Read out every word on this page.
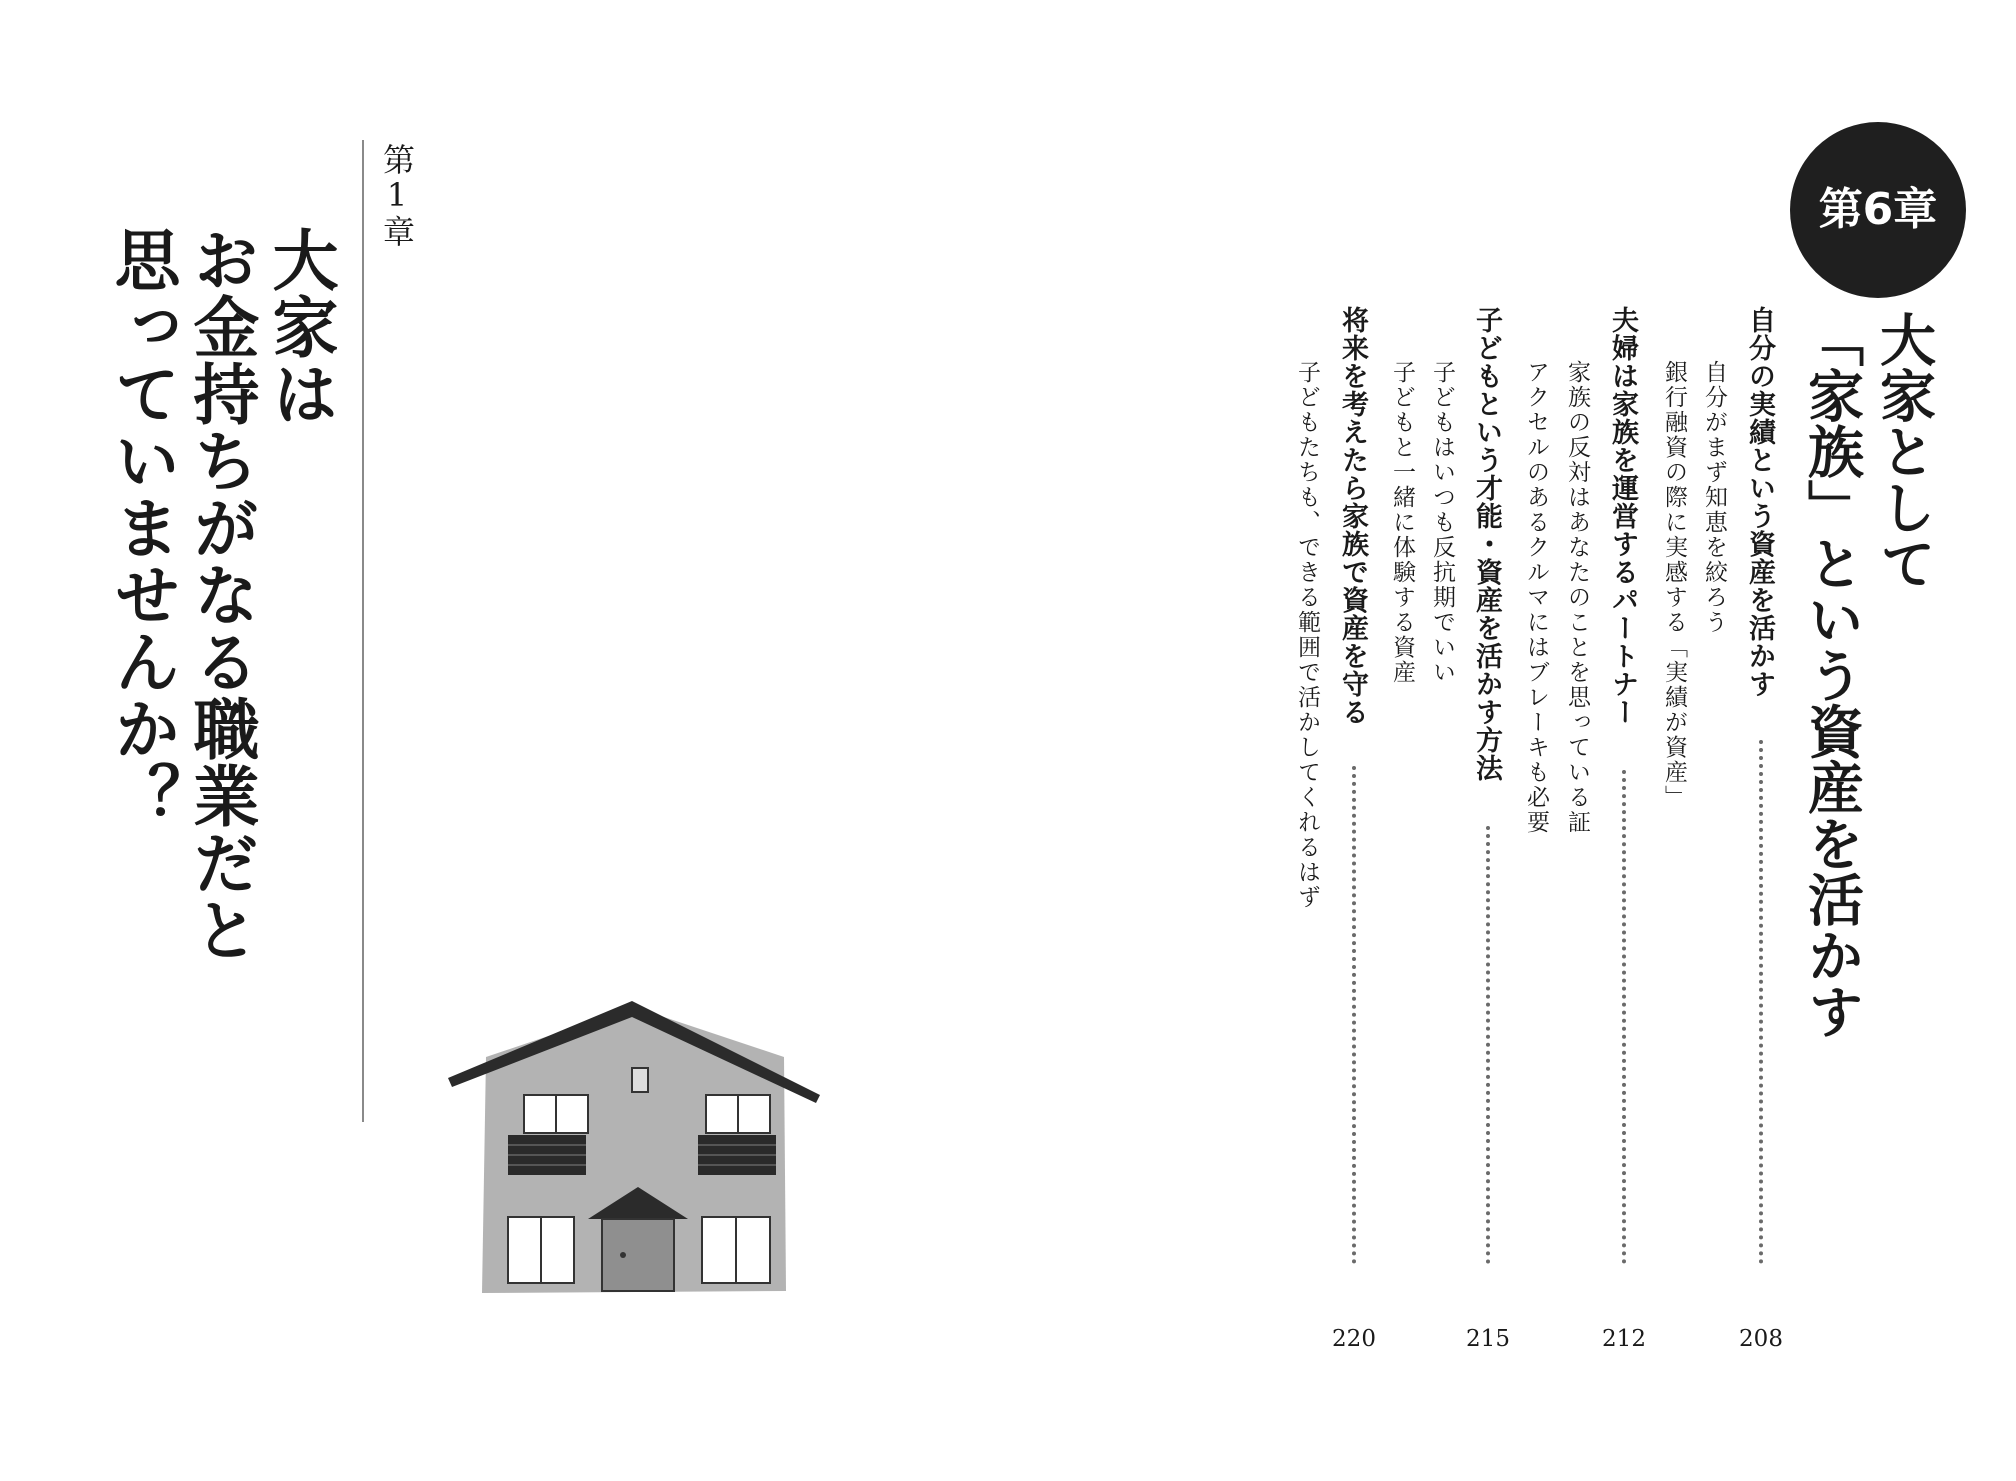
第1章

大家は

お金持ちがなる職業だと

思っていませんか？

第6章

大家として

「家族」という資産を活かす

自分の実績という資産を活かす

208

自分がまず知恵を絞ろう

銀行融資の際に実感する「実績が資産」

夫婦は家族を運営するパートナー

212

家族の反対はあなたのことを思っている証

アクセルのあるクルマにはブレーキも必要

子どもという才能・資産を活かす方法

215

子どもはいつも反抗期でいい

子どもと一緒に体験する資産

将来を考えたら家族で資産を守る

220

子どもたちも、できる範囲で活かしてくれるはず
